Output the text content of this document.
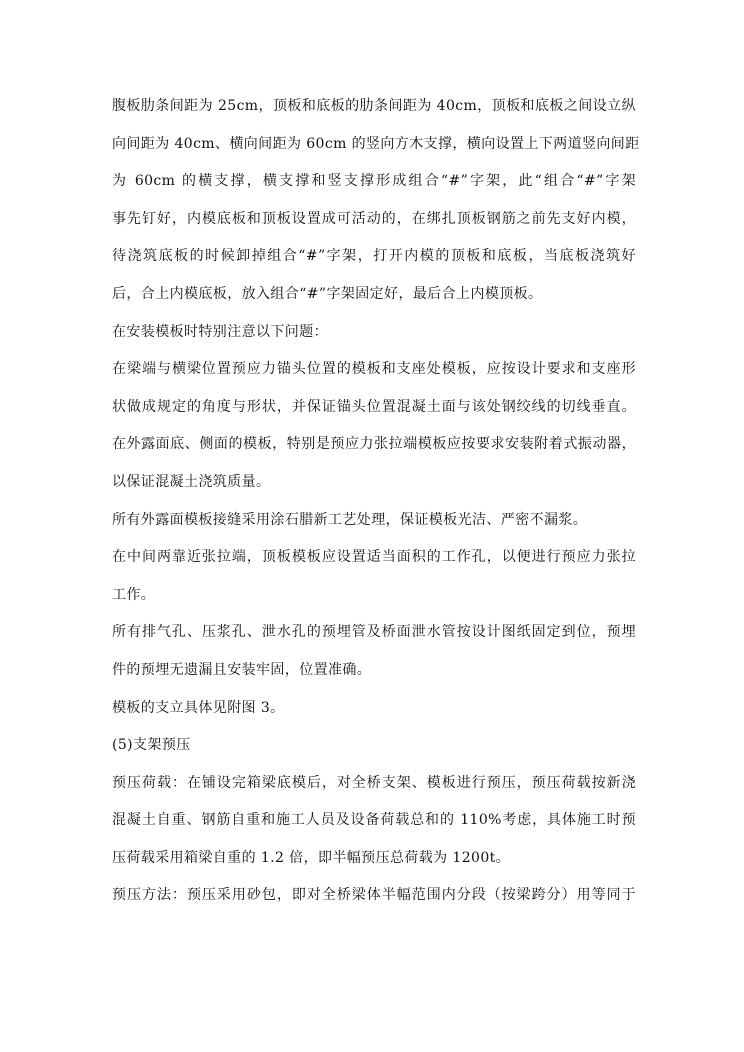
腹板肋条间距为 25cm，顶板和底板的肋条间距为 40cm，顶板和底板之间设立纵
向间距为 40cm、横向间距为 60cm 的竖向方木支撑，横向设置上下两道竖向间距
为 60cm 的横支撑，横支撑和竖支撑形成组合“#”字架，此“组合“#”字架
事先钉好，内模底板和顶板设置成可活动的，在绑扎顶板钢筋之前先支好内模，
待浇筑底板的时候卸掉组合“#”字架，打开内模的顶板和底板，当底板浇筑好
后，合上内模底板，放入组合“#”字架固定好，最后合上内模顶板。
在安装模板时特别注意以下问题：
在梁端与横梁位置预应力锚头位置的模板和支座处模板，应按设计要求和支座形
状做成规定的角度与形状，并保证锚头位置混凝土面与该处钢绞线的切线垂直。
在外露面底、侧面的模板，特别是预应力张拉端模板应按要求安装附着式振动器，
以保证混凝土浇筑质量。
所有外露面模板接缝采用涂石腊新工艺处理，保证模板光洁、严密不漏浆。
在中间两靠近张拉端，顶板模板应设置适当面积的工作孔，以便进行预应力张拉
工作。
所有排气孔、压浆孔、泄水孔的预埋管及桥面泄水管按设计图纸固定到位，预埋
件的预埋无遗漏且安装牢固，位置准确。
模板的支立具体见附图 3。
(5)支架预压
预压荷载：在铺设完箱梁底模后，对全桥支架、模板进行预压，预压荷载按新浇
混凝土自重、钢筋自重和施工人员及设备荷载总和的 110%考虑，具体施工时预
压荷载采用箱梁自重的 1.2 倍，即半幅预压总荷载为 1200t。
预压方法：预压采用砂包，即对全桥梁体半幅范围内分段（按梁跨分）用等同于
